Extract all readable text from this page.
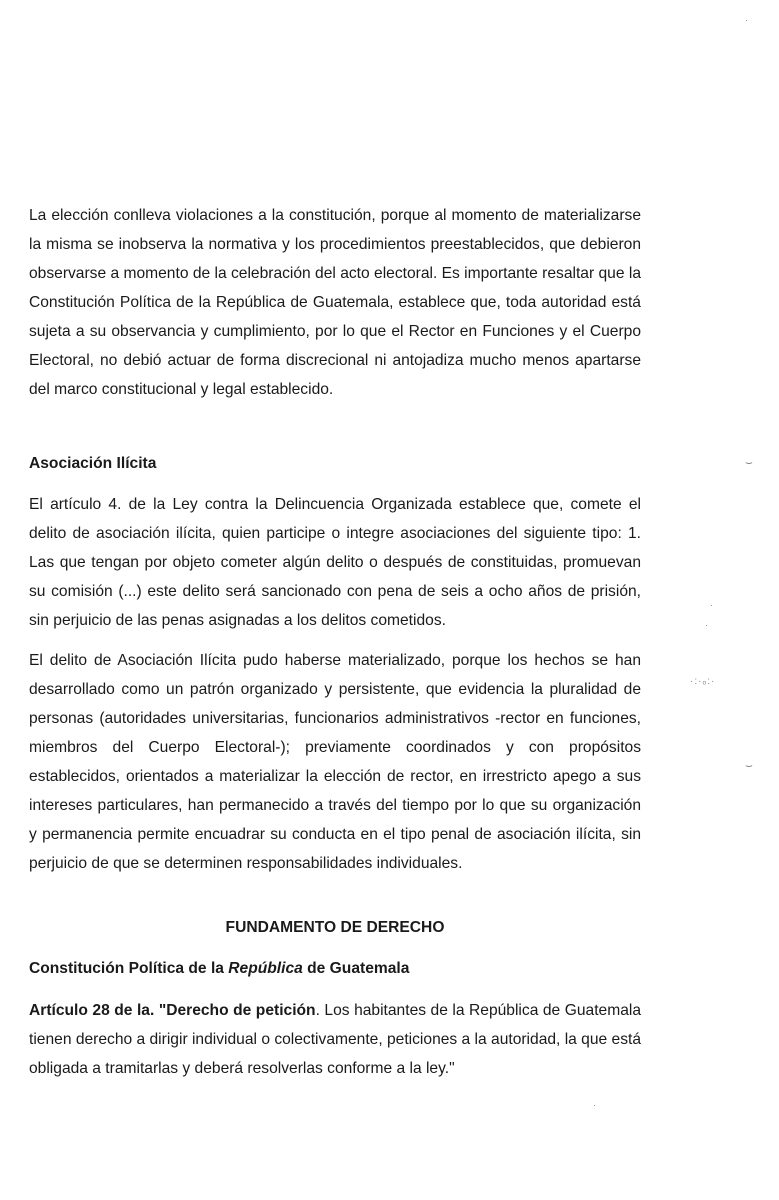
La elección conlleva violaciones a la constitución, porque al momento de materializarse la misma se inobserva la normativa y los procedimientos preestablecidos, que debieron observarse a momento de la celebración del acto electoral. Es importante resaltar que la Constitución Política de la República de Guatemala, establece que, toda autoridad está sujeta a su observancia y cumplimiento, por lo que el Rector en Funciones y el Cuerpo Electoral, no debió actuar de forma discrecional ni antojadiza mucho menos apartarse del marco constitucional y legal establecido.

Asociación Ilícita

El artículo 4. de la Ley contra la Delincuencia Organizada establece que, comete el delito de asociación ilícita, quien participe o integre asociaciones del siguiente tipo: 1. Las que tengan por objeto cometer algún delito o después de constituidas, promuevan su comisión (...) este delito será sancionado con pena de seis a ocho años de prisión, sin perjuicio de las penas asignadas a los delitos cometidos.

El delito de Asociación Ilícita pudo haberse materializado, porque los hechos se han desarrollado como un patrón organizado y persistente, que evidencia la pluralidad de personas (autoridades universitarias, funcionarios administrativos -rector en funciones, miembros del Cuerpo Electoral-); previamente coordinados y con propósitos establecidos, orientados a materializar la elección de rector, en irrestricto apego a sus intereses particulares, han permanecido a través del tiempo por lo que su organización y permanencia permite encuadrar su conducta en el tipo penal de asociación ilícita, sin perjuicio de que se determinen responsabilidades individuales.

FUNDAMENTO DE DERECHO
Constitución Política de la República de Guatemala

Artículo 28 de la. "Derecho de petición. Los habitantes de la República de Guatemala tienen derecho a dirigir individual o colectivamente, peticiones a la autoridad, la que está obligada a tramitarlas y deberá resolverlas conforme a la ley."

⌣
·:·ₒ:·
⌣
·
·
·
·
